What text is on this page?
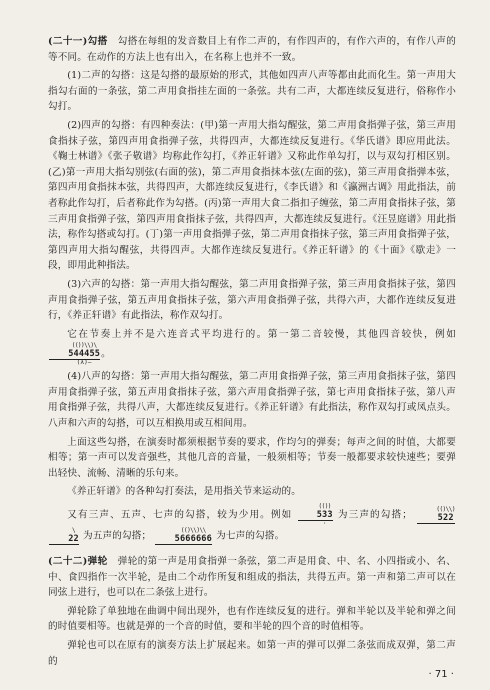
(二十一)勾搭 勾搭在每组的发音数目上有作二声的，有作四声的，有作六声的，有作八声的等不同。在动作的方法上也有出入，在名称上也并不一致。

(1)二声的勾搭：这是勾搭的最原始的形式，其他如四声八声等都由此而化生。第一声用大指勾右面的一条弦，第二声用食指挂左面的一条弦。共有二声，大都连续反复进行，俗称作小勾打。

(2)四声的勾搭：有四种奏法：(甲)第一声用大指勾醒弦，第二声用食指弹子弦，第三声用食指抹子弦，第四声用食指弹子弦，共得四声，大都连续反复进行。《华氏谱》即应用此法。《鞠士林谱》《张子敬谱》均称此作勾打，《养正轩谱》又称此作单勾打，以与双勾打相区别。(乙)第一声用大指勾别弦(右面的弦)，第二声用食指抹本弦(左面的弦)，第三声用食指弹本弦，第四声用食指抹本弦，共得四声，大都连续反复进行，《李氏谱》和《瀛洲古调》用此指法，前者称此作勾打，后者称此作为勾搭。(丙)第一声用大食二指扣子缠弦，第二声用食指抹子弦，第三声用食指弹子弦，第四声用食指抹子弦，共得四声，大都连续反复进行。《汪昱庭谱》用此指法，称作勾搭或勾打。(丁)第一声用食指弹子弦，第二声用食指抹子弦，第三声用食指弹子弦，第四声用大指勾醒弦，共得四声。大都作连续反复进行。《养正轩谱》的《十面》《歇走》一段，即用此种指法。

(3)六声的勾搭：第一声用大指勾醒弦，第二声用食指弹子弦，第三声用食指抹子弦，第四声用食指弹子弦，第五声用食指抹子弦，第六声用食指弹子弦，共得六声，大都作连续反复进行，《养正轩谱》有此指法，称作双勾打。

它在节奏上并不是六连音式平均进行的。第一第二音较慢，其他四音较快，例如
(())\\)\
544455
(λ)—
。

(4)八声的勾搭：第一声用大指勾醒弦，第二声用食指弹子弦，第三声用食指抹子弦，第四声用食指弹子弦，第五声用食指抹子弦，第六声用食指弹子弦，第七声用食指抹子弦，第八声用食指弹子弦，共得八声，大都连续反复进行。《养正轩谱》有此指法，称作双勾打或凤点头。八声和六声的勾搭，可以互相换用或互相间用。

上面这些勾搭，在演奏时都须根据节奏的要求，作均匀的弹奏；每声之间的时值，大都要相等；第一声可以发音强些，其他几音的音量，一般须相等；节奏一般都要求较快速些；要弹出轻快、流畅、清晰的乐句来。

《养正轩谱》的各种勾打奏法，是用指关节来运动的。

又有三声、五声、七声的勾搭，较为少用。例如
(())
533
·
为三声的勾搭；	(()\\)
522

\
22 为五声的勾搭；	(()\\)\\
5666666 为七声的勾搭。

(二十二)弹轮 弹轮的第一声是用食指弹一条弦，第二声是用食、中、名、小四指或小、名、中、食四指作一次半轮，是由二个动作所复和组成的指法，共得五声。第一声和第二声可以在同弦上进行，也可以在二条弦上进行。

弹轮除了单独地在曲调中间出现外，也有作连续反复的进行。弹和半轮以及半轮和弹之间的时值要相等。也就是弹的一个音的时值，要和半轮的四个音的时值相等。

弹轮也可以在原有的演奏方法上扩展起来。如第一声的弹可以弹二条弦而成双弹，第二声的

· 71 ·
